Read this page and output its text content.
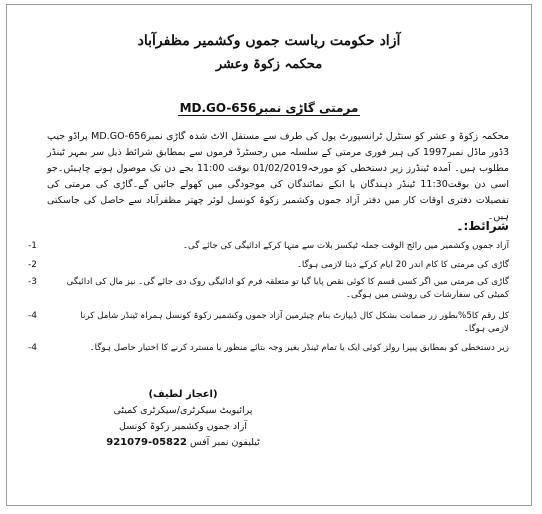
آزاد حکومت ریاست جموں وکشمیر مظفرآباد
محکمہ زکوۃ وعشر
مرمتی گاڑی نمبرMD.GO-656
محکمہ زکوۃ و عشر کو سنٹرل ٹرانسپورٹ پول کی طرف سے مستقل الاٹ شدہ گاڑی نمبرMD.GO-656 پراڈو جیپ 3ڈور ماڈل نمبر1997 کی ہیر فوری مرمتی کے سلسلہ میں رجسٹرڈ فرموں سے بمطابق شرائط ذیل سر بمہر ٹینڈر مطلوب ہیں۔ آمدہ ٹینڈرز زیر دستخطی کو مورخہ01/02/2019 بوقت 11:00 بجے دن تک موصول ہونے چاہیئں۔جو اسی دن بوقت11:30 ٹینڈر دہندگان یا انکے نمائندگان کی موجودگی میں کھولے جائیں گے۔گاڑی کی مرمتی کی تفصیلات دفتری اوقات کار میں دفتر آزاد جموں وکشمیر زکوۃ کونسل لوئر چھتر مظفرآباد سے حاصل کی جاسکتی ہیں۔
شرائط:۔
-1	آزاد جموں وکشمیر میں رائج الوقت جملہ ٹیکسز بلات سے منہا کرکے ادائیگی کی جائے گی۔
-2	گاڑی کی مرمتی کا کام اندر 20 ایام کرکے دینا لازمی ہوگا۔
-3	گاڑی کی مرمتی میں اگر کسی قسم کا کوئی نقص پایا گیا تو متعلقہ فرم کو ادائیگی روک دی جائے گی۔ نیز مال کی ادائیگی کمیٹی کی سفارشات کی روشنی میں ہوگی۔
-4	کل رقم کا5%بطور زر ضمانت بشکل کال ڈیپازٹ بنام چیئرمین آزاد جموں وکشمیر زکوۃ کونسل ہمراہ ٹینڈر شامل کرنا لازمی ہوگا۔
-4	زیر دستخطی کو بمطابق پیپرا رولز کوئی ایک یا تمام ٹینڈر بغیر وجہ بتائے منظور یا مسترد کرنے کا اختیار حاصل ہوگا۔
(اعجاز لطیف)
پرائیویٹ سیکرٹری/سیکرٹری کمیٹی
آزاد جموں وکشمیر زکوۃ کونسل
ٹیلیفون نمبر آفس 05822-921079
